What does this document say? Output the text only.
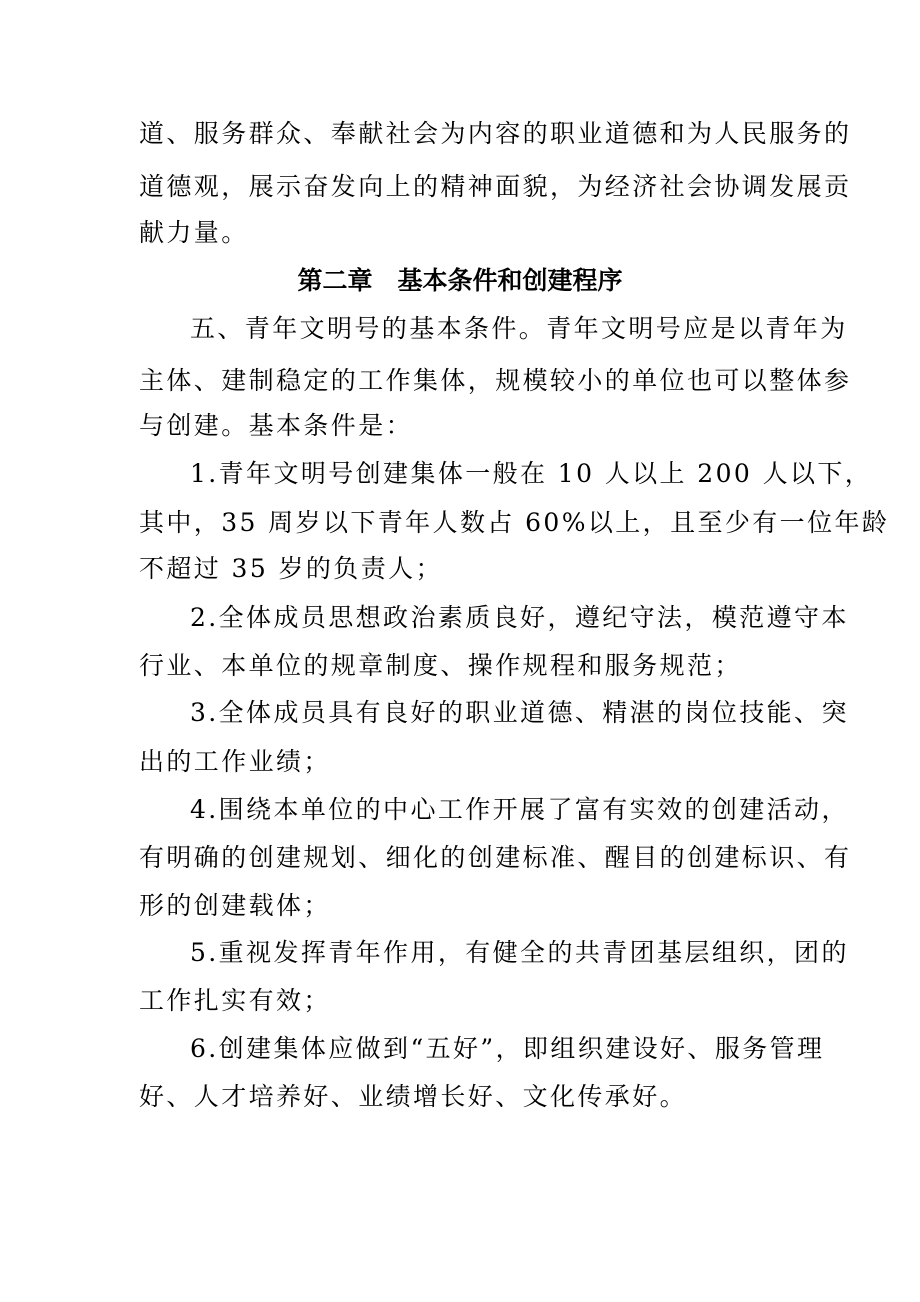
道、服务群众、奉献社会为内容的职业道德和为人民服务的
道德观，展示奋发向上的精神面貌，为经济社会协调发展贡
献力量。
第二章　基本条件和创建程序
五、青年文明号的基本条件。青年文明号应是以青年为
主体、建制稳定的工作集体，规模较小的单位也可以整体参
与创建。基本条件是：
1.青年文明号创建集体一般在 10 人以上 200 人以下，
其中，35 周岁以下青年人数占 60%以上，且至少有一位年龄
不超过 35 岁的负责人；
2.全体成员思想政治素质良好，遵纪守法，模范遵守本
行业、本单位的规章制度、操作规程和服务规范；
3.全体成员具有良好的职业道德、精湛的岗位技能、突
出的工作业绩；
4.围绕本单位的中心工作开展了富有实效的创建活动，
有明确的创建规划、细化的创建标准、醒目的创建标识、有
形的创建载体；
5.重视发挥青年作用，有健全的共青团基层组织，团的
工作扎实有效；
6.创建集体应做到“五好”，即组织建设好、服务管理
好、人才培养好、业绩增长好、文化传承好。
